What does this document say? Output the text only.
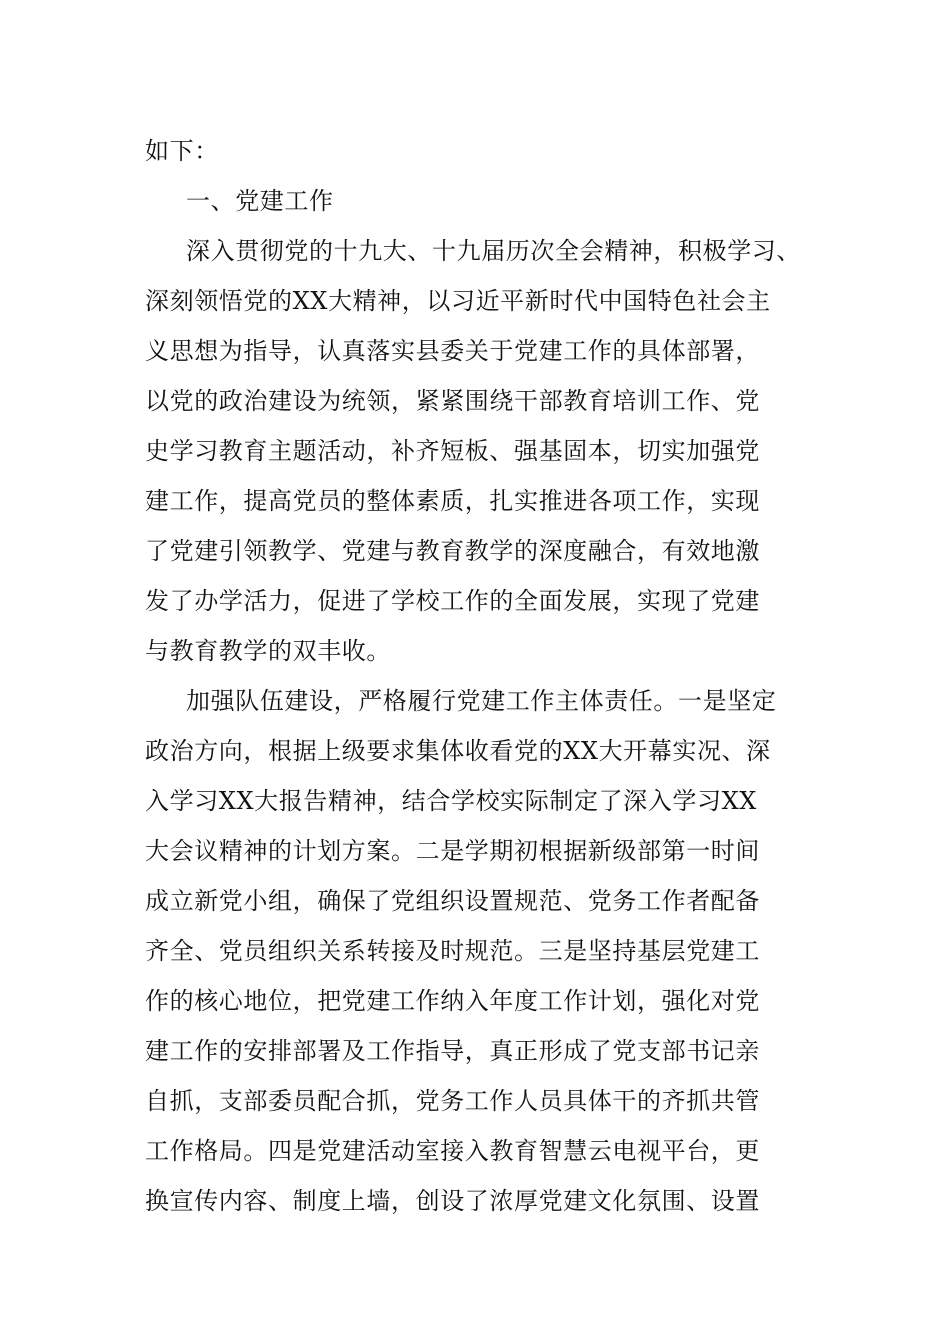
如下：
一、党建工作
深入贯彻党的十九大、十九届历次全会精神，积极学习、
深刻领悟党的XX大精神，以习近平新时代中国特色社会主
义思想为指导，认真落实县委关于党建工作的具体部署，
以党的政治建设为统领，紧紧围绕干部教育培训工作、党
史学习教育主题活动，补齐短板、强基固本，切实加强党
建工作，提高党员的整体素质，扎实推进各项工作，实现
了党建引领教学、党建与教育教学的深度融合，有效地激
发了办学活力，促进了学校工作的全面发展，实现了党建
与教育教学的双丰收。
加强队伍建设，严格履行党建工作主体责任。一是坚定
政治方向，根据上级要求集体收看党的XX大开幕实况、深
入学习XX大报告精神，结合学校实际制定了深入学习XX
大会议精神的计划方案。二是学期初根据新级部第一时间
成立新党小组，确保了党组织设置规范、党务工作者配备
齐全、党员组织关系转接及时规范。三是坚持基层党建工
作的核心地位，把党建工作纳入年度工作计划，强化对党
建工作的安排部署及工作指导，真正形成了党支部书记亲
自抓，支部委员配合抓，党务工作人员具体干的齐抓共管
工作格局。四是党建活动室接入教育智慧云电视平台，更
换宣传内容、制度上墙，创设了浓厚党建文化氛围、设置
